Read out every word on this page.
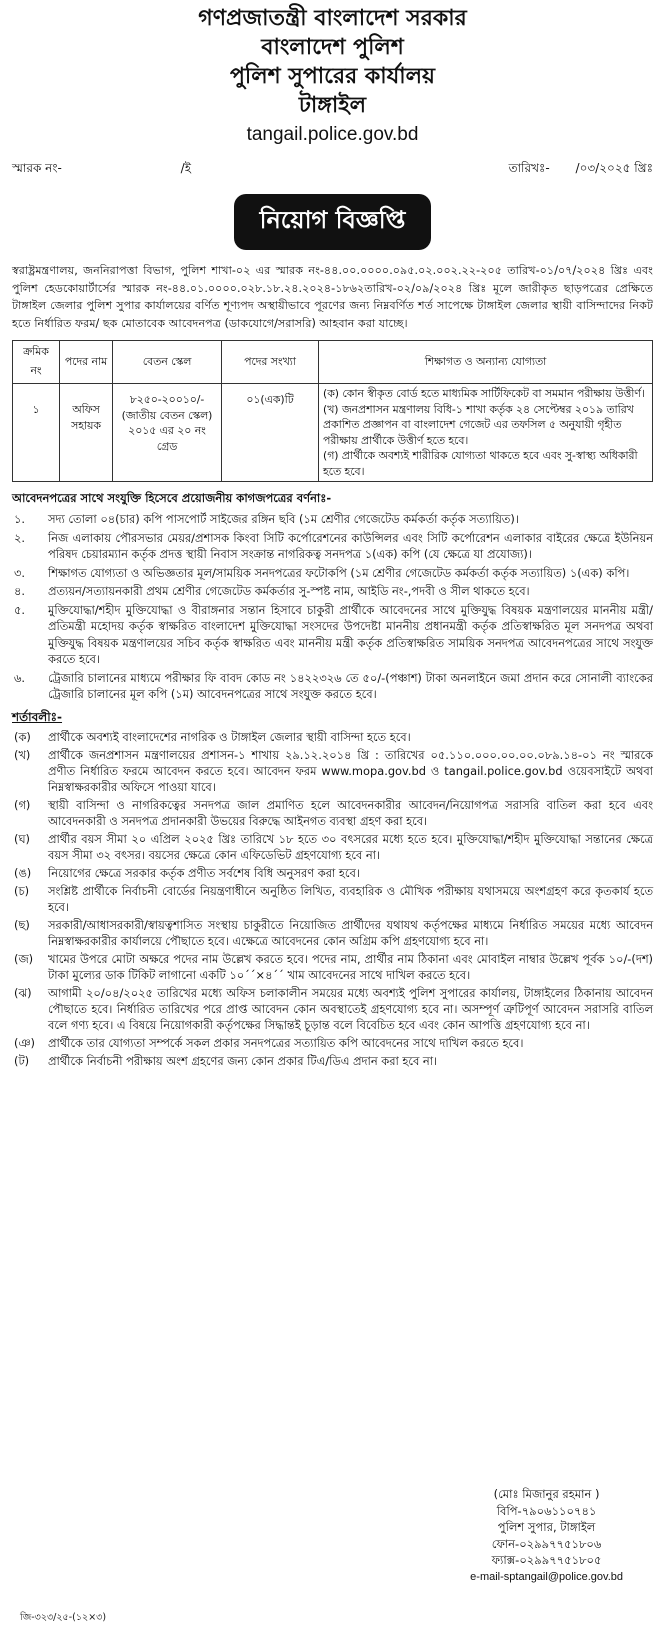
গণপ্রজাতন্ত্রী বাংলাদেশ সরকার
বাংলাদেশ পুলিশ
পুলিশ সুপারের কার্যালয়
টাঙ্গাইল
tangail.police.gov.bd
স্মারক নং-	/ই	তারিখঃ- /০৩/২০২৫ খ্রিঃ
নিয়োগ বিজ্ঞপ্তি
স্বরাষ্ট্রমন্ত্রণালয়, জননিরাপত্তা বিভাগ, পুলিশ শাখা-০২ এর স্মারক নং-৪৪.০০.০০০০.০৯৫.০২.০০২.২২-২০৫ তারিখ-০১/০৭/২০২৪ খ্রিঃ এবং পুলিশ হেডকোয়ার্টার্সের স্মারক নং-৪৪.০১.০০০০.০২৮.১৮.২৪.২০২৪-১৮৬২তারিখ-০২/০৯/২০২৪ খ্রিঃ মূলে জারীকৃত ছাড়পত্রের প্রেক্ষিতে টাঙ্গাইল জেলার পুলিশ সুপার কার্যালয়ের বর্ণিত শূণ্যপদ অস্থায়ীভাবে পূরণের জন্য নিম্নবর্ণিত শর্ত সাপেক্ষে টাঙ্গাইল জেলার স্থায়ী বাসিন্দাদের নিকট হতে নির্ধারিত ফরম/ ছক মোতাবেক আবেদনপত্র (ডাকযোগে/সরাসরি) আহবান করা যাচ্ছে।
ক্রমিক নং	পদের নাম	বেতন স্কেল	পদের সংখ্যা	শিক্ষাগত ও অন্যান্য যোগ্যতা
১	অফিস সহায়ক	৮২৫০-২০০১০/- (জাতীয় বেতন স্কেল) ২০১৫ এর ২০ নং গ্রেড	০১(এক)টি	(ক) কোন স্বীকৃত বোর্ড হতে মাধ্যমিক সার্টিফিকেট বা সমমান পরীক্ষায় উত্তীর্ণ।
(খ) জনপ্রশাসন মন্ত্রণালয় বিধি-১ শাখা কর্তৃক ২৪ সেপ্টেম্বর ২০১৯ তারিখ প্রকাশিত প্রজ্ঞাপন বা বাংলাদেশ গেজেট এর তফসিল ৫ অনুযায়ী গৃহীত পরীক্ষায় প্রার্থীকে উত্তীর্ণ হতে হবে।
(গ) প্রার্থীকে অবশ্যই শারীরিক যোগ্যতা থাকতে হবে এবং সু-স্বাস্থ্য অধিকারী হতে হবে।
আবেদনপত্রের সাথে সংযুক্তি হিসেবে প্রয়োজনীয় কাগজপত্রের বর্ণনাঃ-
১.	সদ্য তোলা ০৪(চার) কপি পাসপোর্ট সাইজের রঙ্গিন ছবি (১ম শ্রেণীর গেজেটেড কর্মকর্তা কর্তৃক সত্যায়িত)।
২.	নিজ এলাকায় পৌরসভার মেয়র/প্রশাসক কিংবা সিটি কর্পোরেশনের কাউন্সিলর এবং সিটি কর্পোরেশন এলাকার বাইরের ক্ষেত্রে ইউনিয়ন পরিষদ চেয়ারম্যান কর্তৃক প্রদত্ত স্থায়ী নিবাস সংক্রান্ত নাগরিকত্ব সনদপত্র ১(এক) কপি (যে ক্ষেত্রে যা প্রযোজ্য)।
৩.	শিক্ষাগত যোগ্যতা ও অভিজ্ঞতার মূল/সাময়িক সনদপত্রের ফটোকপি (১ম শ্রেণীর গেজেটেড কর্মকর্তা কর্তৃক সত্যায়িত) ১(এক) কপি।
৪.	প্রত্যয়ন/সত্যায়নকারী প্রথম শ্রেণীর গেজেটেড কর্মকর্তার সু-স্পষ্ট নাম, আইডি নং-,পদবী ও সীল থাকতে হবে।
৫.	মুক্তিযোদ্ধা/শহীদ মুক্তিযোদ্ধা ও বীরাঙ্গনার সন্তান হিসাবে চাকুরী প্রার্থীকে আবেদনের সাথে মুক্তিযুদ্ধ বিষয়ক মন্ত্রণালয়ের মাননীয় মন্ত্রী/প্রতিমন্ত্রী মহোদয় কর্তৃক স্বাক্ষরিত বাংলাদেশ মুক্তিযোদ্ধা সংসদের উপদেষ্টা মাননীয় প্রধানমন্ত্রী কর্তৃক প্রতিস্বাক্ষরিত মূল সনদপত্র অথবা মুক্তিযুদ্ধ বিষয়ক মন্ত্রণালয়ের সচিব কর্তৃক স্বাক্ষরিত এবং মাননীয় মন্ত্রী কর্তৃক প্রতিস্বাক্ষরিত সাময়িক সনদপত্র আবেদনপত্রের সাথে সংযুক্ত করতে হবে।
৬.	ট্রেজারি চালানের মাধ্যমে পরীক্ষার ফি বাবদ কোড নং ১৪২২৩২৬ তে ৫০/-(পঞ্চাশ) টাকা অনলাইনে জমা প্রদান করে সোনালী ব্যাংকের ট্রেজারি চালানের মূল কপি (১ম) আবেদনপত্রের সাথে সংযুক্ত করতে হবে।
শর্তাবলীঃ-
(ক)	প্রার্থীকে অবশ্যই বাংলাদেশের নাগরিক ও টাঙ্গাইল জেলার স্থায়ী বাসিন্দা হতে হবে।
(খ)	প্রার্থীকে জনপ্রশাসন মন্ত্রণালয়ের প্রশাসন-১ শাখায় ২৯.১২.২০১৪ খ্রি : তারিখের ০৫.১১০.০০০.০০.০০.০৮৯.১৪-০১ নং স্মারকে প্রণীত নির্ধারিত ফরমে আবেদন করতে হবে। আবেদন ফরম www.mopa.gov.bd ও tangail.police.gov.bd ওয়েবসাইটে অথবা নিম্নস্বাক্ষরকারীর অফিসে পাওয়া যাবে।
(গ)	স্থায়ী বাসিন্দা ও নাগরিকত্বের সনদপত্র জাল প্রমাণিত হলে আবেদনকারীর আবেদন/নিয়োগপত্র সরাসরি বাতিল করা হবে এবং আবেদনকারী ও সনদপত্র প্রদানকারী উভয়ের বিরুদ্ধে আইনগত ব্যবস্থা গ্রহণ করা হবে।
(ঘ)	প্রার্থীর বয়স সীমা ২০ এপ্রিল ২০২৫ খ্রিঃ তারিখে ১৮ হতে ৩০ বৎসরের মধ্যে হতে হবে। মুক্তিযোদ্ধা/শহীদ মুক্তিযোদ্ধা সন্তানের ক্ষেত্রে বয়স সীমা ৩২ বৎসর। বয়সের ক্ষেত্রে কোন এফিডেভিট গ্রহণযোগ্য হবে না।
(ঙ)	নিয়োগের ক্ষেত্রে সরকার কর্তৃক প্রণীত সর্বশেষ বিধি অনুসরণ করা হবে।
(চ)	সংশ্লিষ্ট প্রার্থীকে নির্বাচনী বোর্ডের নিয়ন্ত্রণাধীনে অনুষ্ঠিত লিখিত, ব্যবহারিক ও মৌখিক পরীক্ষায় যথাসময়ে অংশগ্রহণ করে কৃতকার্য হতে হবে।
(ছ)	সরকারী/আধাসরকারী/স্বায়ত্বশাসিত সংস্থায় চাকুরীতে নিয়োজিত প্রার্থীদের যথাযথ কর্তৃপক্ষের মাধ্যমে নির্ধারিত সময়ের মধ্যে আবেদন নিম্নস্বাক্ষরকারীর কার্যালয়ে পৌছাতে হবে। এক্ষেত্রে আবেদনের কোন অগ্রিম কপি গ্রহণযোগ্য হবে না।
(জ)	খামের উপরে মোটা অক্ষরে পদের নাম উল্লেখ করতে হবে। পদের নাম, প্রার্থীর নাম ঠিকানা এবং মোবাইল নাম্বার উল্লেখ পূর্বক ১০/-(দশ) টাকা মুল্যের ডাক টিকিট লাগানো একটি ১০´´×৪´´ খাম আবেদনের সাথে দাখিল করতে হবে।
(ঝ)	আগামী ২০/০৪/২০২৫ তারিখের মধ্যে অফিস চলাকালীন সময়ের মধ্যে অবশ্যই পুলিশ সুপারের কার্যালয়, টাঙ্গাইলের ঠিকানায় আবেদন পৌছাতে হবে। নির্ধারিত তারিখের পরে প্রাপ্ত আবেদন কোন অবস্থাতেই গ্রহণযোগ্য হবে না। অসম্পূর্ণ ত্রুটিপূর্ণ আবেদন সরাসরি বাতিল বলে গণ্য হবে। এ বিষয়ে নিয়োগকারী কর্তৃপক্ষের সিদ্ধান্তই চূড়ান্ত বলে বিবেচিত হবে এবং কোন আপত্তি গ্রহণযোগ্য হবে না।
(ঞ)	প্রার্থীকে তার যোগ্যতা সম্পর্কে সকল প্রকার সনদপত্রের সত্যায়িত কপি আবেদনের সাথে দাখিল করতে হবে।
(ট)	প্রার্থীকে নির্বাচনী পরীক্ষায় অংশ গ্রহণের জন্য কোন প্রকার টিএ/ডিএ প্রদান করা হবে না।
(মোঃ মিজানুর রহমান )
বিপি-৭৯০৬১১০৭৪১
পুলিশ সুপার, টাঙ্গাইল
ফোন-০২৯৯৭৭৫১৮০৬
ফ্যাক্স-০২৯৯৭৭৫১৮০৫
e-mail-sptangail@police.gov.bd
জি-৩২৩/২৫-(১২×৩)
